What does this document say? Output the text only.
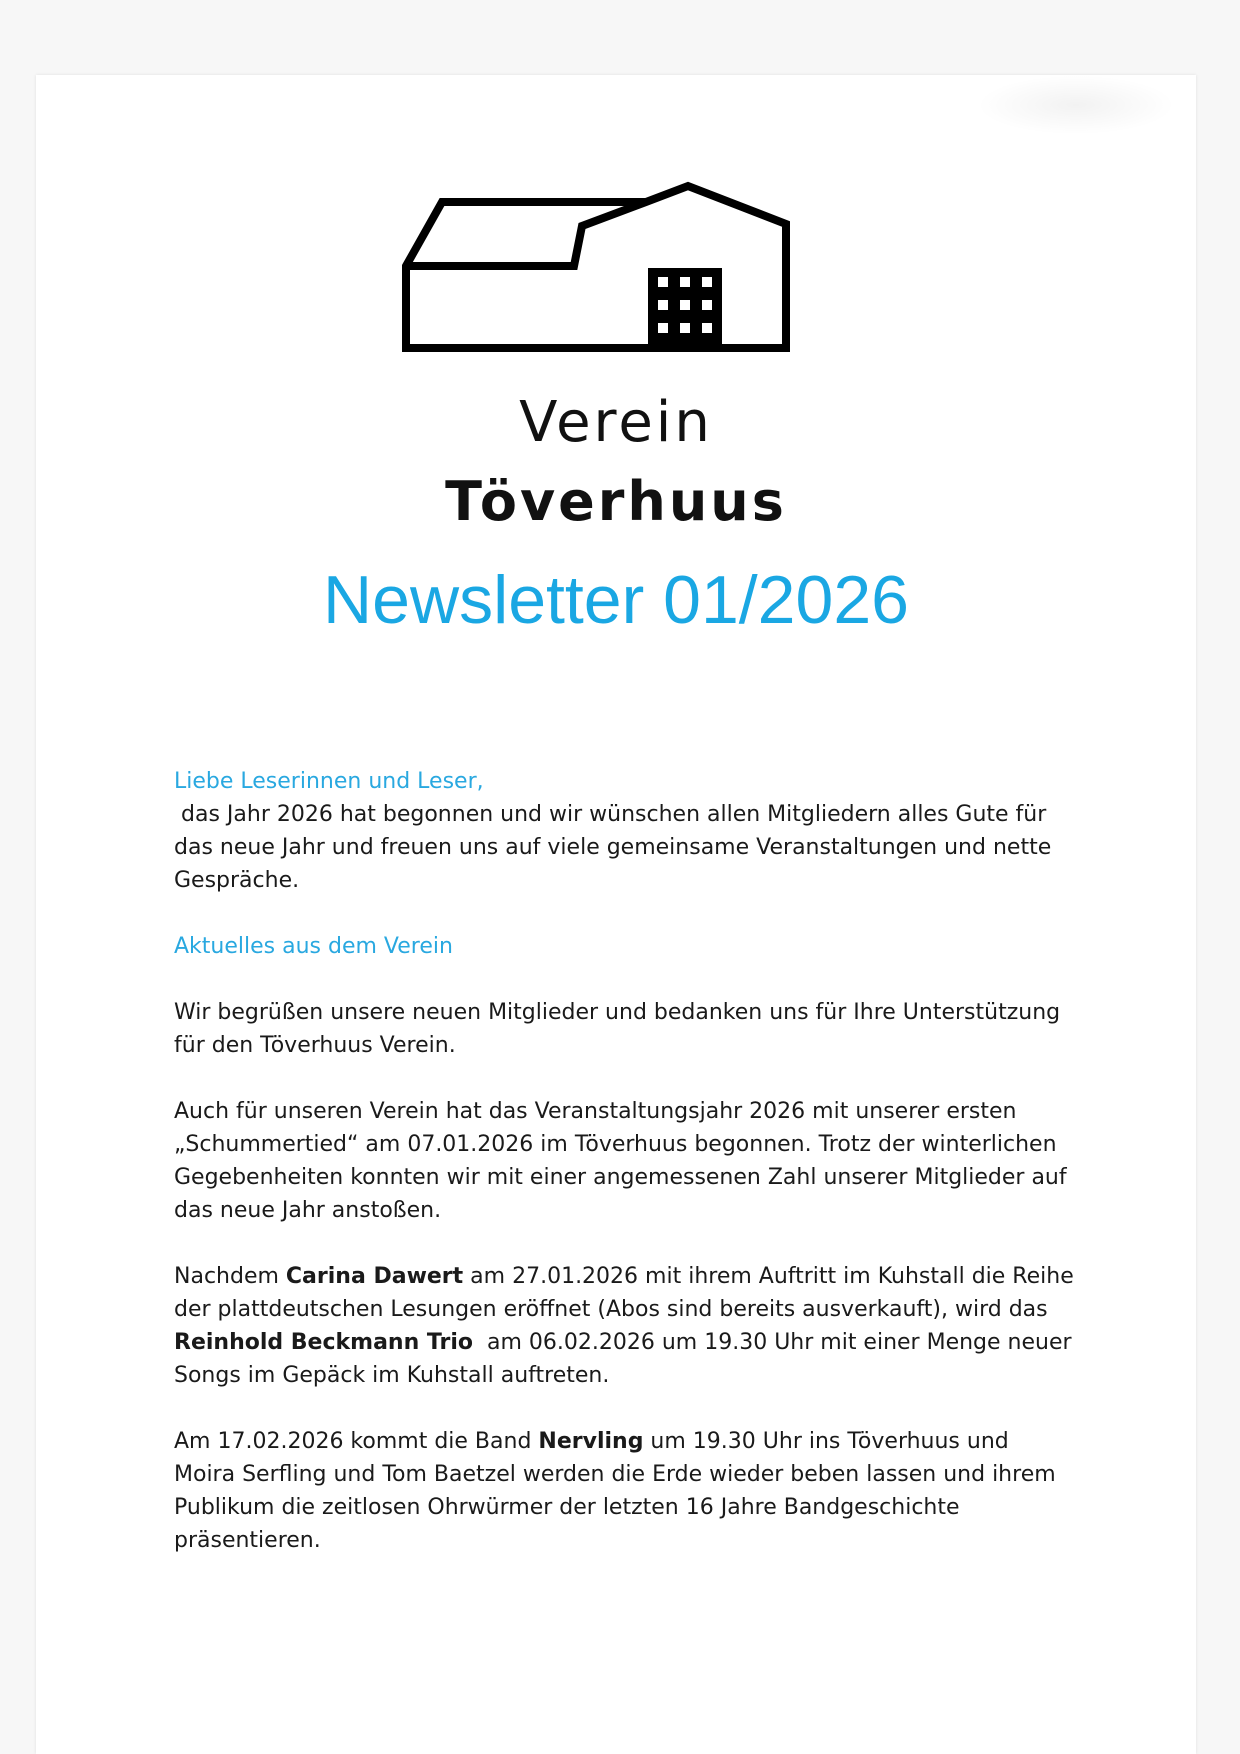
Verein
Töverhuus
Newsletter 01/2026

Liebe Leserinnen und Leser,

das Jahr 2026 hat begonnen und wir wünschen allen Mitgliedern alles Gute für das neue Jahr und freuen uns auf viele gemeinsame Veranstaltungen und nette Gespräche.

Aktuelles aus dem Verein

Wir begrüßen unsere neuen Mitglieder und bedanken uns für Ihre Unterstützung für den Töverhuus Verein.

Auch für unseren Verein hat das Veranstaltungsjahr 2026 mit unserer ersten „Schummertied“ am 07.01.2026 im Töverhuus begonnen. Trotz der winterlichen Gegebenheiten konnten wir mit einer angemessenen Zahl unserer Mitglieder auf das neue Jahr anstoßen.

Nachdem Carina Dawert am 27.01.2026 mit ihrem Auftritt im Kuhstall die Reihe der plattdeutschen Lesungen eröffnet (Abos sind bereits ausverkauft), wird das Reinhold Beckmann Trio  am 06.02.2026 um 19.30 Uhr mit einer Menge neuer Songs im Gepäck im Kuhstall auftreten.

Am 17.02.2026 kommt die Band Nervling um 19.30 Uhr ins Töverhuus und Moira Serfling und Tom Baetzel werden die Erde wieder beben lassen und ihrem Publikum die zeitlosen Ohrwürmer der letzten 16 Jahre Bandgeschichte präsentieren.
